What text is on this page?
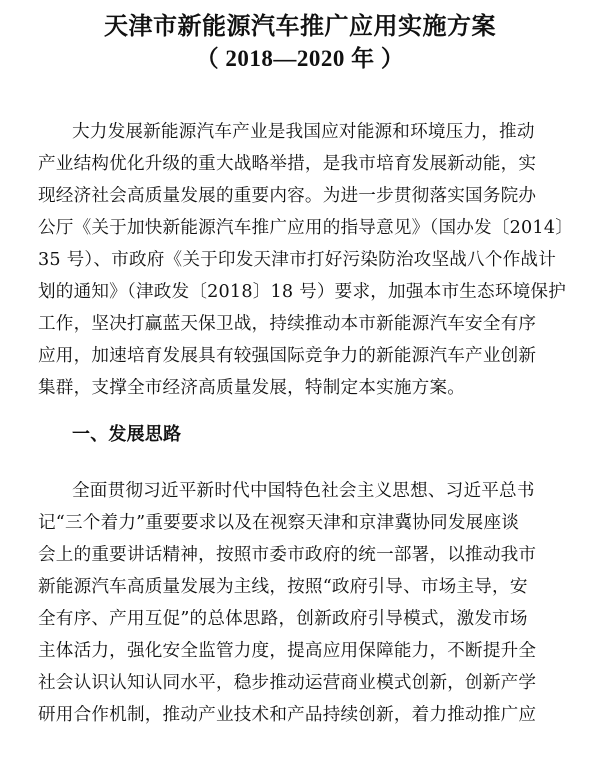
天津市新能源汽车推广应用实施方案
（ 2018—2020 年 ）
大力发展新能源汽车产业是我国应对能源和环境压力，推动
产业结构优化升级的重大战略举措，是我市培育发展新动能，实
现经济社会高质量发展的重要内容。为进一步贯彻落实国务院办
公厅《关于加快新能源汽车推广应用的指导意见》（国办发〔2014〕
35 号）、市政府《关于印发天津市打好污染防治攻坚战八个作战计
划的通知》（津政发〔2018〕18 号）要求，加强本市生态环境保护
工作，坚决打赢蓝天保卫战，持续推动本市新能源汽车安全有序
应用，加速培育发展具有较强国际竞争力的新能源汽车产业创新
集群，支撑全市经济高质量发展，特制定本实施方案。
一、发展思路
全面贯彻习近平新时代中国特色社会主义思想、习近平总书
记“三个着力”重要要求以及在视察天津和京津冀协同发展座谈
会上的重要讲话精神，按照市委市政府的统一部署，以推动我市
新能源汽车高质量发展为主线，按照“政府引导、市场主导，安
全有序、产用互促”的总体思路，创新政府引导模式，激发市场
主体活力，强化安全监管力度，提高应用保障能力，不断提升全
社会认识认知认同水平，稳步推动运营商业模式创新，创新产学
研用合作机制，推动产业技术和产品持续创新，着力推动推广应
